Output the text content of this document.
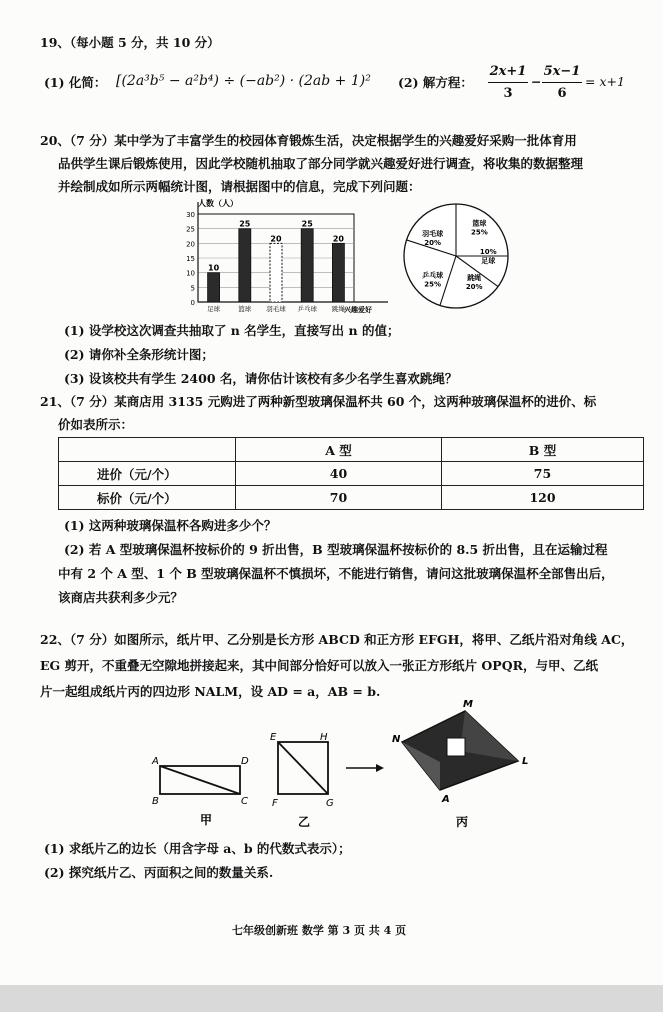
19、（每小题 5 分，共 10 分）
(1) 化简： [(2a³b⁵ − a²b⁴) ÷ (−ab²) · (2ab + 1)² (2) 解方程：
2x+1
3
−
5x−1
6
= x+1
20、（7 分）某中学为了丰富学生的校园体育锻炼生活，决定根据学生的兴趣爱好采购一批体育用
品供学生课后锻炼使用，因此学校随机抽取了部分同学就兴趣爱好进行调查，将收集的数据整理
并绘制成如所示两幅统计图，请根据图中的信息，完成下列问题：
0
5
10
15
20
25
30
10
足球
25
篮球
20
羽毛球
25
乒乓球
20
跳绳
人数（人）
兴趣爱好
篮球
25%
10%
足球
跳绳
20%
乒乓球
25%
羽毛球
20%
(1) 设学校这次调查共抽取了 n 名学生，直接写出 n 的值；
(2) 请你补全条形统计图；
(3) 设该校共有学生 2400 名，请你估计该校有多少名学生喜欢跳绳？
21、（7 分）某商店用 3135 元购进了两种新型玻璃保温杯共 60 个，这两种玻璃保温杯的进价、标
价如表所示：
	A 型	B 型
进价（元/个）	40	75
标价（元/个）	70	120
(1) 这两种玻璃保温杯各购进多少个？
(2) 若 A 型玻璃保温杯按标价的 9 折出售，B 型玻璃保温杯按标价的 8.5 折出售，且在运输过程
中有 2 个 A 型、1 个 B 型玻璃保温杯不慎损坏，不能进行销售，请问这批玻璃保温杯全部售出后，
该商店共获利多少元？
22、（7 分）如图所示，纸片甲、乙分别是长方形 ABCD 和正方形 EFGH，将甲、乙纸片沿对角线 AC，
EG 剪开，不重叠无空隙地拼接起来，其中间部分恰好可以放入一张正方形纸片 OPQR，与甲、乙纸
片一起组成纸片丙的四边形 NALM，设 AD = a，AB = b.
A	D
B	C
甲
E	H
F	G
乙
N
M
L
A
丙
(1) 求纸片乙的边长（用含字母 a、b 的代数式表示）；
(2) 探究纸片乙、丙面积之间的数量关系.
七年级创新班 数学 第 3 页 共 4 页
